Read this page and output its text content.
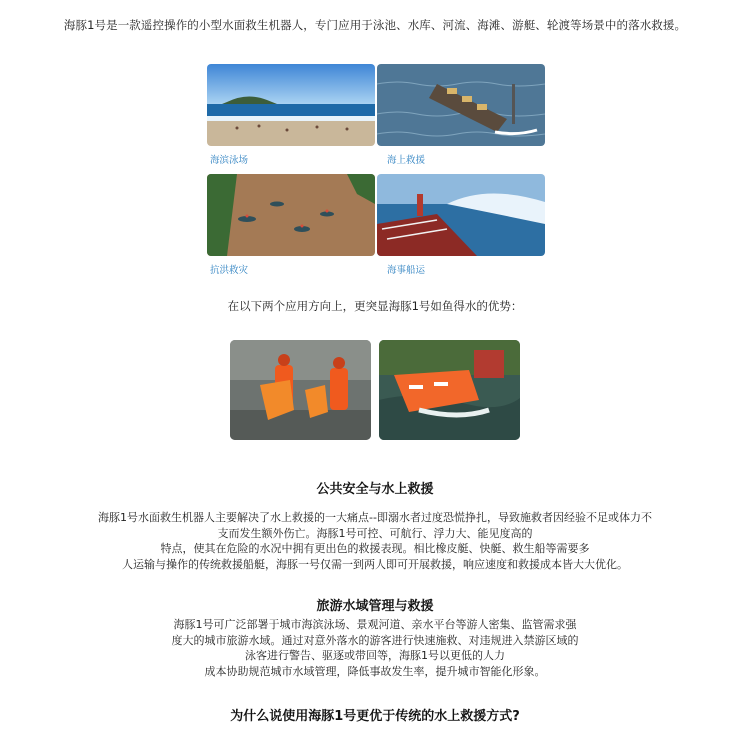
海豚1号是一款遥控操作的小型水面救生机器人，专门应用于泳池、水库、河流、海滩、游艇、轮渡等场景中的落水救援。
海滨泳场	海上救援
抗洪救灾	海事船运
在以下两个应用方向上，更突显海豚1号如鱼得水的优势：
公共安全与水上救援
海豚1号水面救生机器人主要解决了水上救援的一大痛点--即溺水者过度恐慌挣扎，导致施救者因经验不足或体力不
支而发生额外伤亡。海豚1号可控、可航行、浮力大、能见度高的
特点，使其在危险的水况中拥有更出色的救援表现。相比橡皮艇、快艇、救生船等需要多
人运输与操作的传统救援船艇，海豚一号仅需一到两人即可开展救援，响应速度和救援成本皆大大优化。
旅游水域管理与救援
海豚1号可广泛部署于城市海滨泳场、景观河道、亲水平台等游人密集、监管需求强
度大的城市旅游水域。通过对意外落水的游客进行快速施救、对违规进入禁游区域的
泳客进行警告、驱逐或带回等，海豚1号以更低的人力
成本协助规范城市水域管理，降低事故发生率，提升城市智能化形象。
为什么说使用海豚1号更优于传统的水上救援方式?
